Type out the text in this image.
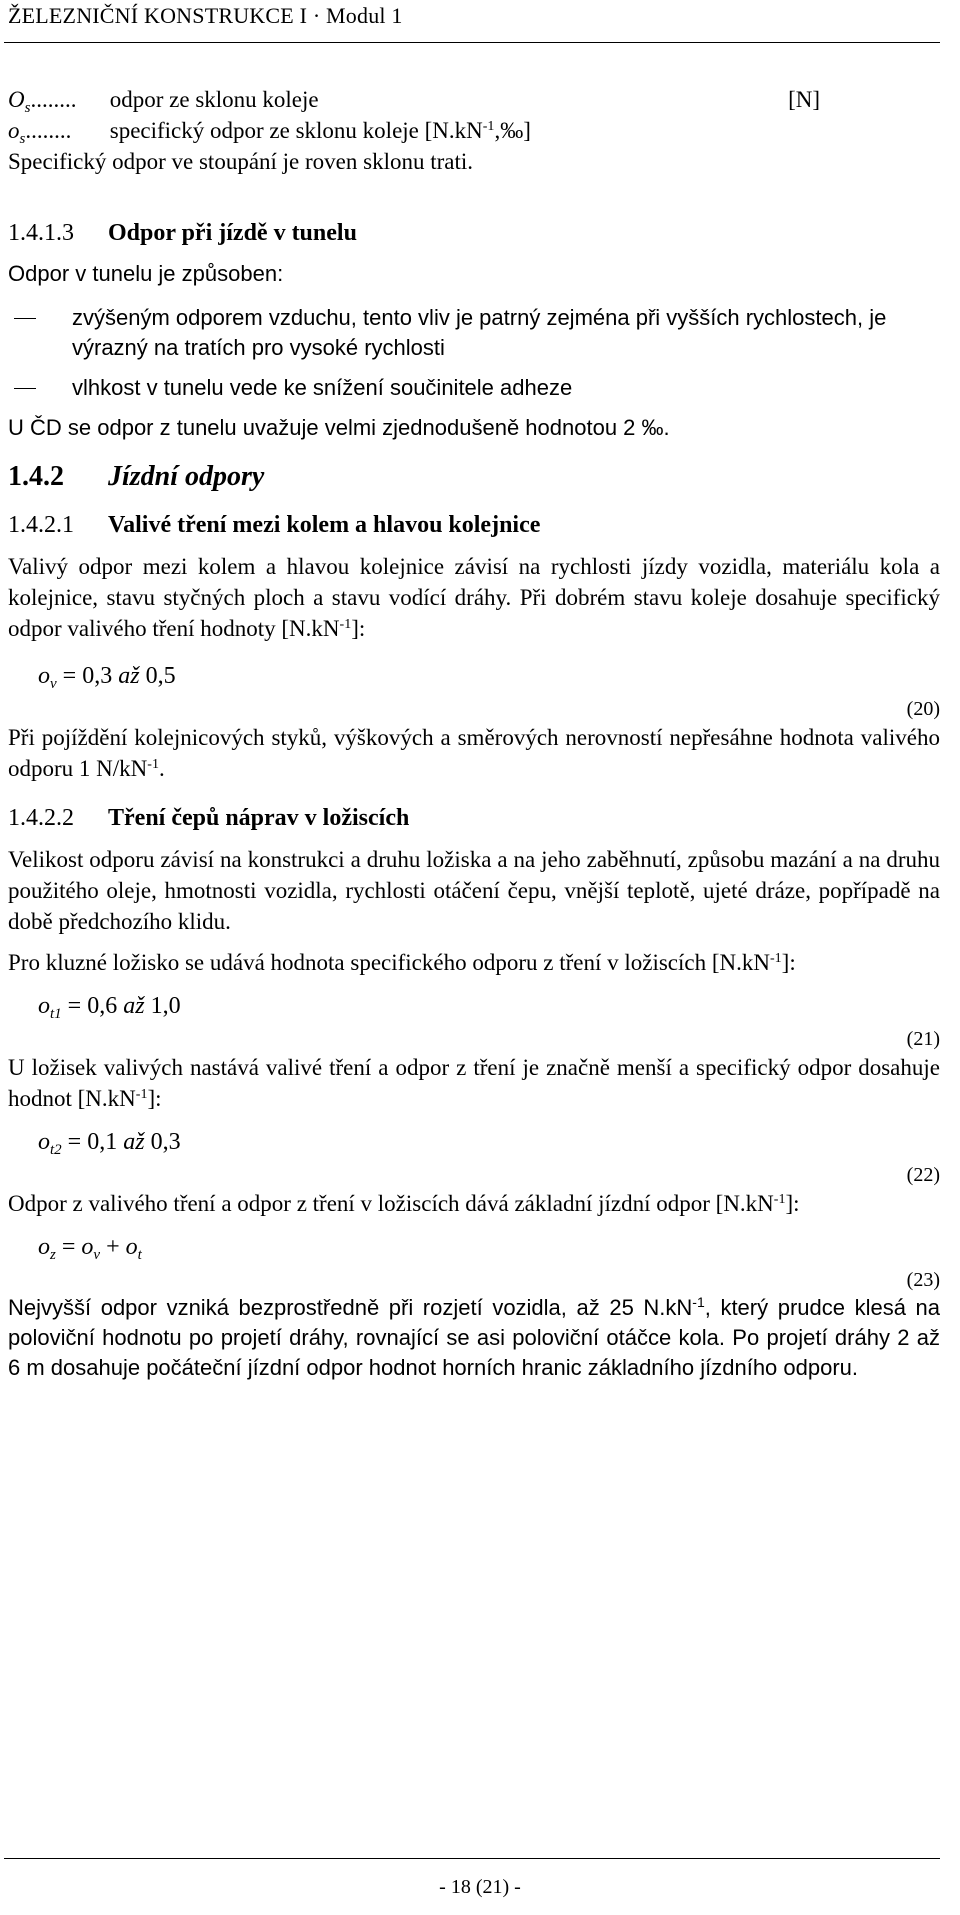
ŽELEZNIČNÍ KONSTRUKCE I · Modul 1

$O_s$........ odpor ze sklonu koleje	[N]

$o_s$........ specifický odpor ze sklonu koleje $[N.kN^{-1},‰]$

Specifický odpor ve stoupání je roven sklonu trati.

1.4.1.3 Odpor při jízdě v tunelu

Odpor v tunelu je způsoben:

zvýšeným odporem vzduchu, tento vliv je patrný zejména při vyšších rychlostech, je výrazný na tratích pro vysoké rychlosti

vlhkost v tunelu vede ke snížení součinitele adheze

U ČD se odpor z tunelu uvažuje velmi zjednodušeně hodnotou 2 ‰.

1.4.2 Jízdní odpory

1.4.2.1 Valivé tření mezi kolem a hlavou kolejnice

Valivý odpor mezi kolem a hlavou kolejnice závisí na rychlosti jízdy vozidla, materiálu kola a kolejnice, stavu styčných ploch a stavu vodící dráhy. Při dobrém stavu koleje dosahuje specifický odpor valivého tření hodnoty $[N.kN^{-1}]$:

$o_v = 0,3$ až 0,5
(20)

Při pojíždění kolejnicových styků, výškových a směrových nerovností nepřesáhne hodnota valivého odporu 1 $N/kN^{-1}$.

1.4.2.2 Tření čepů náprav v ložiscích

Velikost odporu závisí na konstrukci a druhu ložiska a na jeho zaběhnutí, způsobu mazání a na druhu použitého oleje, hmotnosti vozidla, rychlosti otáčení čepu, vnější teplotě, ujeté dráze, popřípadě na době předchozího klidu.

Pro kluzné ložisko se udává hodnota specifického odporu z tření v ložiscích $[N.kN^{-1}]$:

$o_{t1} = 0,6$ až 1,0
(21)

U ložisek valivých nastává valivé tření a odpor z tření je značně menší a specifický odpor dosahuje hodnot $[N.kN^{-1}]$:

$o_{t2} = 0,1$ až 0,3
(22)

Odpor z valivého tření a odpor z tření v ložiscích dává základní jízdní odpor $[N.kN^{-1}]$:

$o_z = o_v + o_t$
(23)

Nejvyšší odpor vzniká bezprostředně při rozjetí vozidla, až 25 $N.kN^{-1}$, který prudce klesá na poloviční hodnotu po projetí dráhy, rovnající se asi poloviční otáčce kola. Po projetí dráhy 2 až 6 m dosahuje počáteční jízdní odpor hodnot horních hranic základního jízdního odporu.

- 18 (21) -
